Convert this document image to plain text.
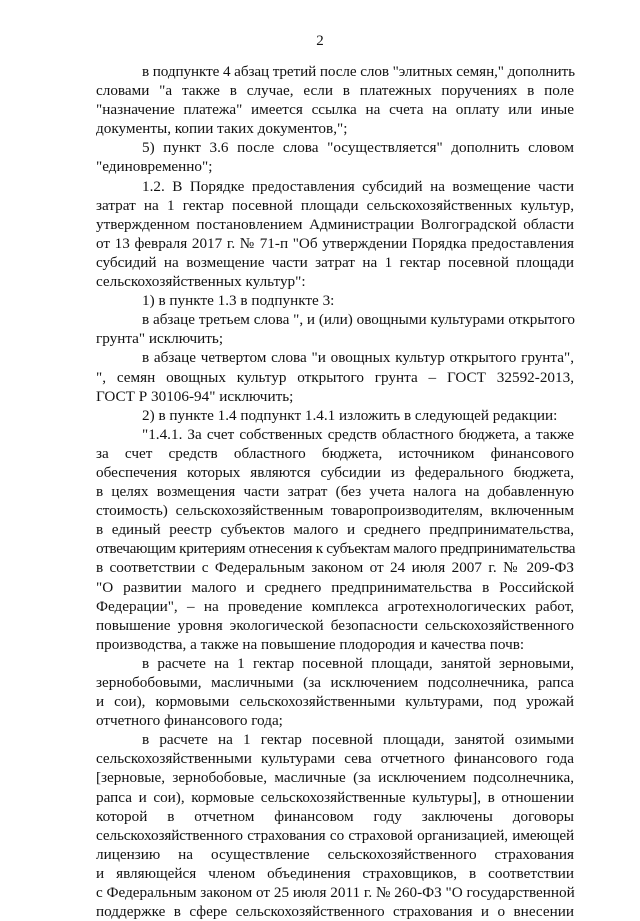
2
в подпункте 4 абзац третий после слов "элитных семян," дополнить
словами "а также в случае, если в платежных поручениях в поле
"назначение платежа" имеется ссылка на счета на оплату или иные
документы, копии таких документов,";
5) пункт 3.6 после слова "осуществляется" дополнить словом
"единовременно";
1.2. В Порядке предоставления субсидий на возмещение части
затрат на 1 гектар посевной площади сельскохозяйственных культур,
утвержденном постановлением Администрации Волгоградской области
от 13 февраля 2017 г. № 71-п "Об утверждении Порядка предоставления
субсидий на возмещение части затрат на 1 гектар посевной площади
сельскохозяйственных культур":
1) в пункте 1.3 в подпункте 3:
в абзаце третьем слова ", и (или) овощными культурами открытого
грунта" исключить;
в абзаце четвертом слова "и овощных культур открытого грунта",
", семян овощных культур открытого грунта – ГОСТ 32592-2013,
ГОСТ Р 30106-94" исключить;
2) в пункте 1.4 подпункт 1.4.1 изложить в следующей редакции:
"1.4.1. За счет собственных средств областного бюджета, а также
за счет средств областного бюджета, источником финансового
обеспечения которых являются субсидии из федерального бюджета,
в целях возмещения части затрат (без учета налога на добавленную
стоимость) сельскохозяйственным товаропроизводителям, включенным
в единый реестр субъектов малого и среднего предпринимательства,
отвечающим критериям отнесения к субъектам малого предпринимательства
в соответствии с Федеральным законом от 24 июля 2007 г. № 209-ФЗ
"О развитии малого и среднего предпринимательства в Российской
Федерации", – на проведение комплекса агротехнологических работ,
повышение уровня экологической безопасности сельскохозяйственного
производства, а также на повышение плодородия и качества почв:
в расчете на 1 гектар посевной площади, занятой зерновыми,
зернобобовыми, масличными (за исключением подсолнечника, рапса
и сои), кормовыми сельскохозяйственными культурами, под урожай
отчетного финансового года;
в расчете на 1 гектар посевной площади, занятой озимыми
сельскохозяйственными культурами сева отчетного финансового года
[зерновые, зернобобовые, масличные (за исключением подсолнечника,
рапса и сои), кормовые сельскохозяйственные культуры], в отношении
которой в отчетном финансовом году заключены договоры
сельскохозяйственного страхования со страховой организацией, имеющей
лицензию на осуществление сельскохозяйственного страхования
и являющейся членом объединения страховщиков, в соответствии
с Федеральным законом от 25 июля 2011 г. № 260-ФЗ "О государственной
поддержке в сфере сельскохозяйственного страхования и о внесении
